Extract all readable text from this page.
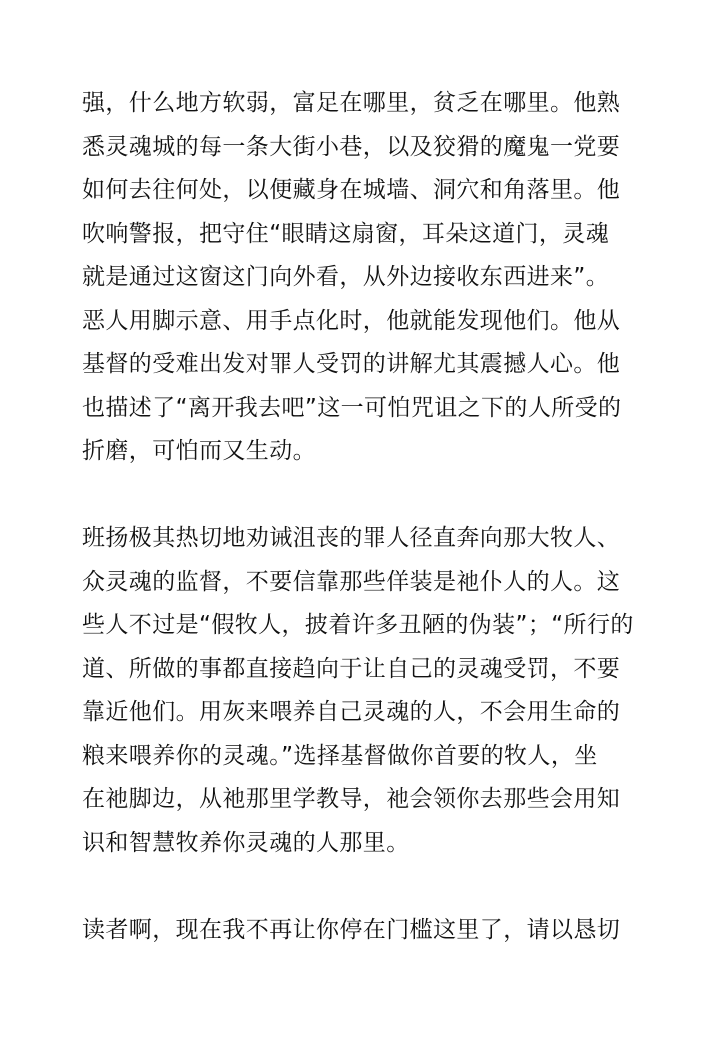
强，什么地方软弱，富足在哪里，贫乏在哪里。他熟
悉灵魂城的每一条大街小巷，以及狡猾的魔鬼一党要
如何去往何处，以便藏身在城墙、洞穴和角落里。他
吹响警报，把守住“眼睛这扇窗，耳朵这道门，灵魂
就是通过这窗这门向外看，从外边接收东西进来”。
恶人用脚示意、用手点化时，他就能发现他们。他从
基督的受难出发对罪人受罚的讲解尤其震撼人心。他
也描述了“离开我去吧”这一可怕咒诅之下的人所受的
折磨，可怕而又生动。
班扬极其热切地劝诫沮丧的罪人径直奔向那大牧人、
众灵魂的监督，不要信靠那些佯装是祂仆人的人。这
些人不过是“假牧人，披着许多丑陋的伪装”；“所行的
道、所做的事都直接趋向于让自己的灵魂受罚，不要
靠近他们。用灰来喂养自己灵魂的人，不会用生命的
粮来喂养你的灵魂。”选择基督做你首要的牧人，坐
在祂脚边，从祂那里学教导，祂会领你去那些会用知
识和智慧牧养你灵魂的人那里。
读者啊，现在我不再让你停在门槛这里了，请以恳切
